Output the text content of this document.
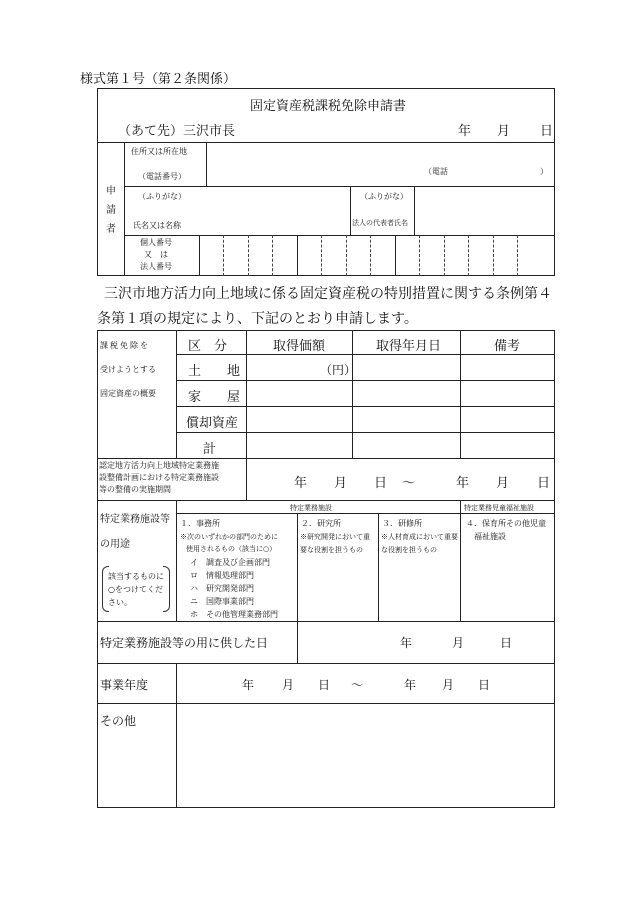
様式第１号（第２条関係）
固定資産税課税免除申請書
（あて先）三沢市長	年 月 日
申
請
者
住所又は所在地
（電話番号）
（電話	）
（ふりがな）
氏名又は名称
（ふりがな）
法人の代表者氏名
個人番号
又　は
法人番号
三沢市地方活力向上地域に係る固定資産税の特別措置に関する条例第４
条第１項の規定により、下記のとおり申請します。
課税免除を
受けようとする
固定資産の概要
区　分	取得価額	取得年月日	備考
土　　地	（円）
家　　屋
償却資産
計
認定地方活力向上地域特定業務施
設整備計画における特定業務施設
等の整備の実施期間	年 月 日 ～	年 月 日
特定業務施設等
の用途
該当するものに
○をつけてくだ
さい。
特定業務施設	特定業務児童福祉施設
１．事務所
※次のいずれかの部門のために
使用されるもの（該当に○）
イ　調査及び企画部門
ロ　情報処理部門
ハ　研究開発部門
ニ　国際事業部門
ホ　その他管理業務部門
２．研究所
※研究開発において重要な役割を担うもの
３．研修所
※人材育成において重要な役割を担うもの
４．保育所その他児童
福祉施設
特定業務施設等の用に供した日	年	月	日
事業年度	年 月 日 ～	年 月 日
その他
